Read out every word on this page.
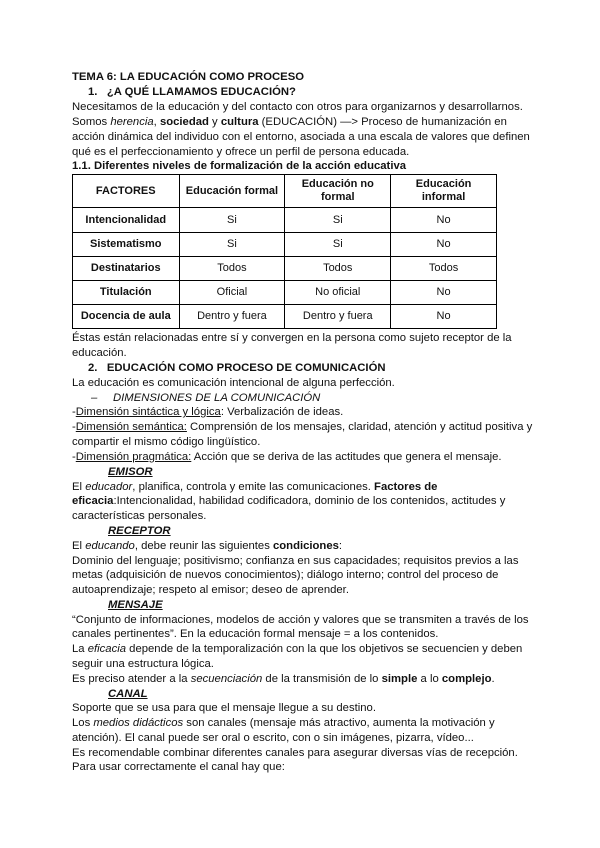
TEMA 6: LA EDUCACIÓN COMO PROCESO
1. ¿A QUÉ LLAMAMOS EDUCACIÓN?
Necesitamos de la educación y del contacto con otros para organizarnos y desarrollarnos.
Somos herencia, sociedad y cultura (EDUCACIÓN) —> Proceso de humanización en
acción dinámica del individuo con el entorno, asociada a una escala de valores que definen
qué es el perfeccionamiento y ofrece un perfil de persona educada.
1.1. Diferentes niveles de formalización de la acción educativa
FACTORES	Educación formal	Educación no formal	Educación informal
Intencionalidad	Si	Si	No
Sistematismo	Si	Si	No
Destinatarios	Todos	Todos	Todos
Titulación	Oficial	No oficial	No
Docencia de aula	Dentro y fuera	Dentro y fuera	No
Éstas están relacionadas entre sí y convergen en la persona como sujeto receptor de la
educación.
2. EDUCACIÓN COMO PROCESO DE COMUNICACIÓN
La educación es comunicación intencional de alguna perfección.
– DIMENSIONES DE LA COMUNICACIÓN
-Dimensión sintáctica y lógica: Verbalización de ideas.
-Dimensión semántica: Comprensión de los mensajes, claridad, atención y actitud positiva y
compartir el mismo código lingüístico.
-Dimensión pragmática: Acción que se deriva de las actitudes que genera el mensaje.
EMISOR
El educador, planifica, controla y emite las comunicaciones. Factores de
eficacia:Intencionalidad, habilidad codificadora, dominio de los contenidos, actitudes y
características personales.
RECEPTOR
El educando, debe reunir las siguientes condiciones:
Dominio del lenguaje; positivismo; confianza en sus capacidades; requisitos previos a las
metas (adquisición de nuevos conocimientos); diálogo interno; control del proceso de
autoaprendizaje; respeto al emisor; deseo de aprender.
MENSAJE
“Conjunto de informaciones, modelos de acción y valores que se transmiten a través de los
canales pertinentes”. En la educación formal mensaje = a los contenidos.
La eficacia depende de la temporalización con la que los objetivos se secuencien y deben
seguir una estructura lógica.
Es preciso atender a la secuenciación de la transmisión de lo simple a lo complejo.
CANAL
Soporte que se usa para que el mensaje llegue a su destino.
Los medios didácticos son canales (mensaje más atractivo, aumenta la motivación y
atención). El canal puede ser oral o escrito, con o sin imágenes, pizarra, vídeo...
Es recomendable combinar diferentes canales para asegurar diversas vías de recepción.
Para usar correctamente el canal hay que:
